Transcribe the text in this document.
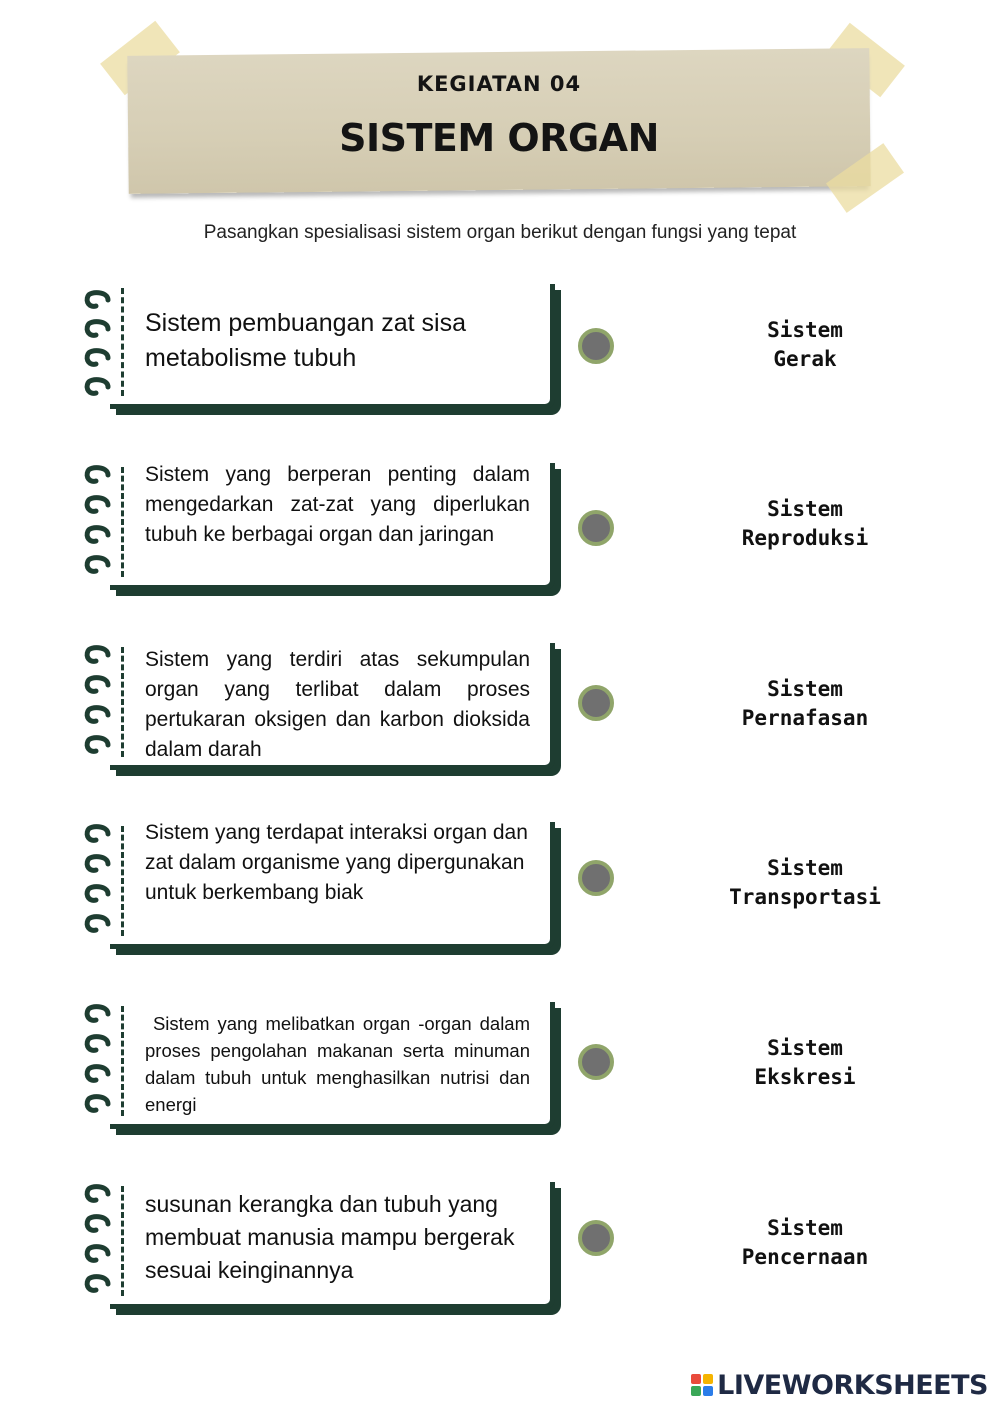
KEGIATAN 04
SISTEM ORGAN
Pasangkan spesialisasi sistem organ berikut dengan fungsi yang tepat
Sistem pembuangan zat sisa metabolisme tubuh
Sistem
Gerak
Sistem yang berperan penting dalam mengedarkan zat-zat yang diperlukan tubuh ke berbagai organ dan jaringan
Sistem
Reproduksi
Sistem yang terdiri atas sekumpulan organ yang terlibat dalam proses pertukaran oksigen dan karbon dioksida dalam darah
Sistem
Pernafasan
Sistem yang terdapat interaksi organ dan zat dalam organisme yang dipergunakan untuk berkembang biak
Sistem
Transportasi
Sistem yang melibatkan organ -organ dalam proses pengolahan makanan serta minuman dalam tubuh untuk menghasilkan nutrisi dan energi
Sistem
Ekskresi
susunan kerangka dan tubuh yang membuat manusia mampu bergerak sesuai keinginannya
Sistem
Pencernaan
LIVEWORKSHEETS
